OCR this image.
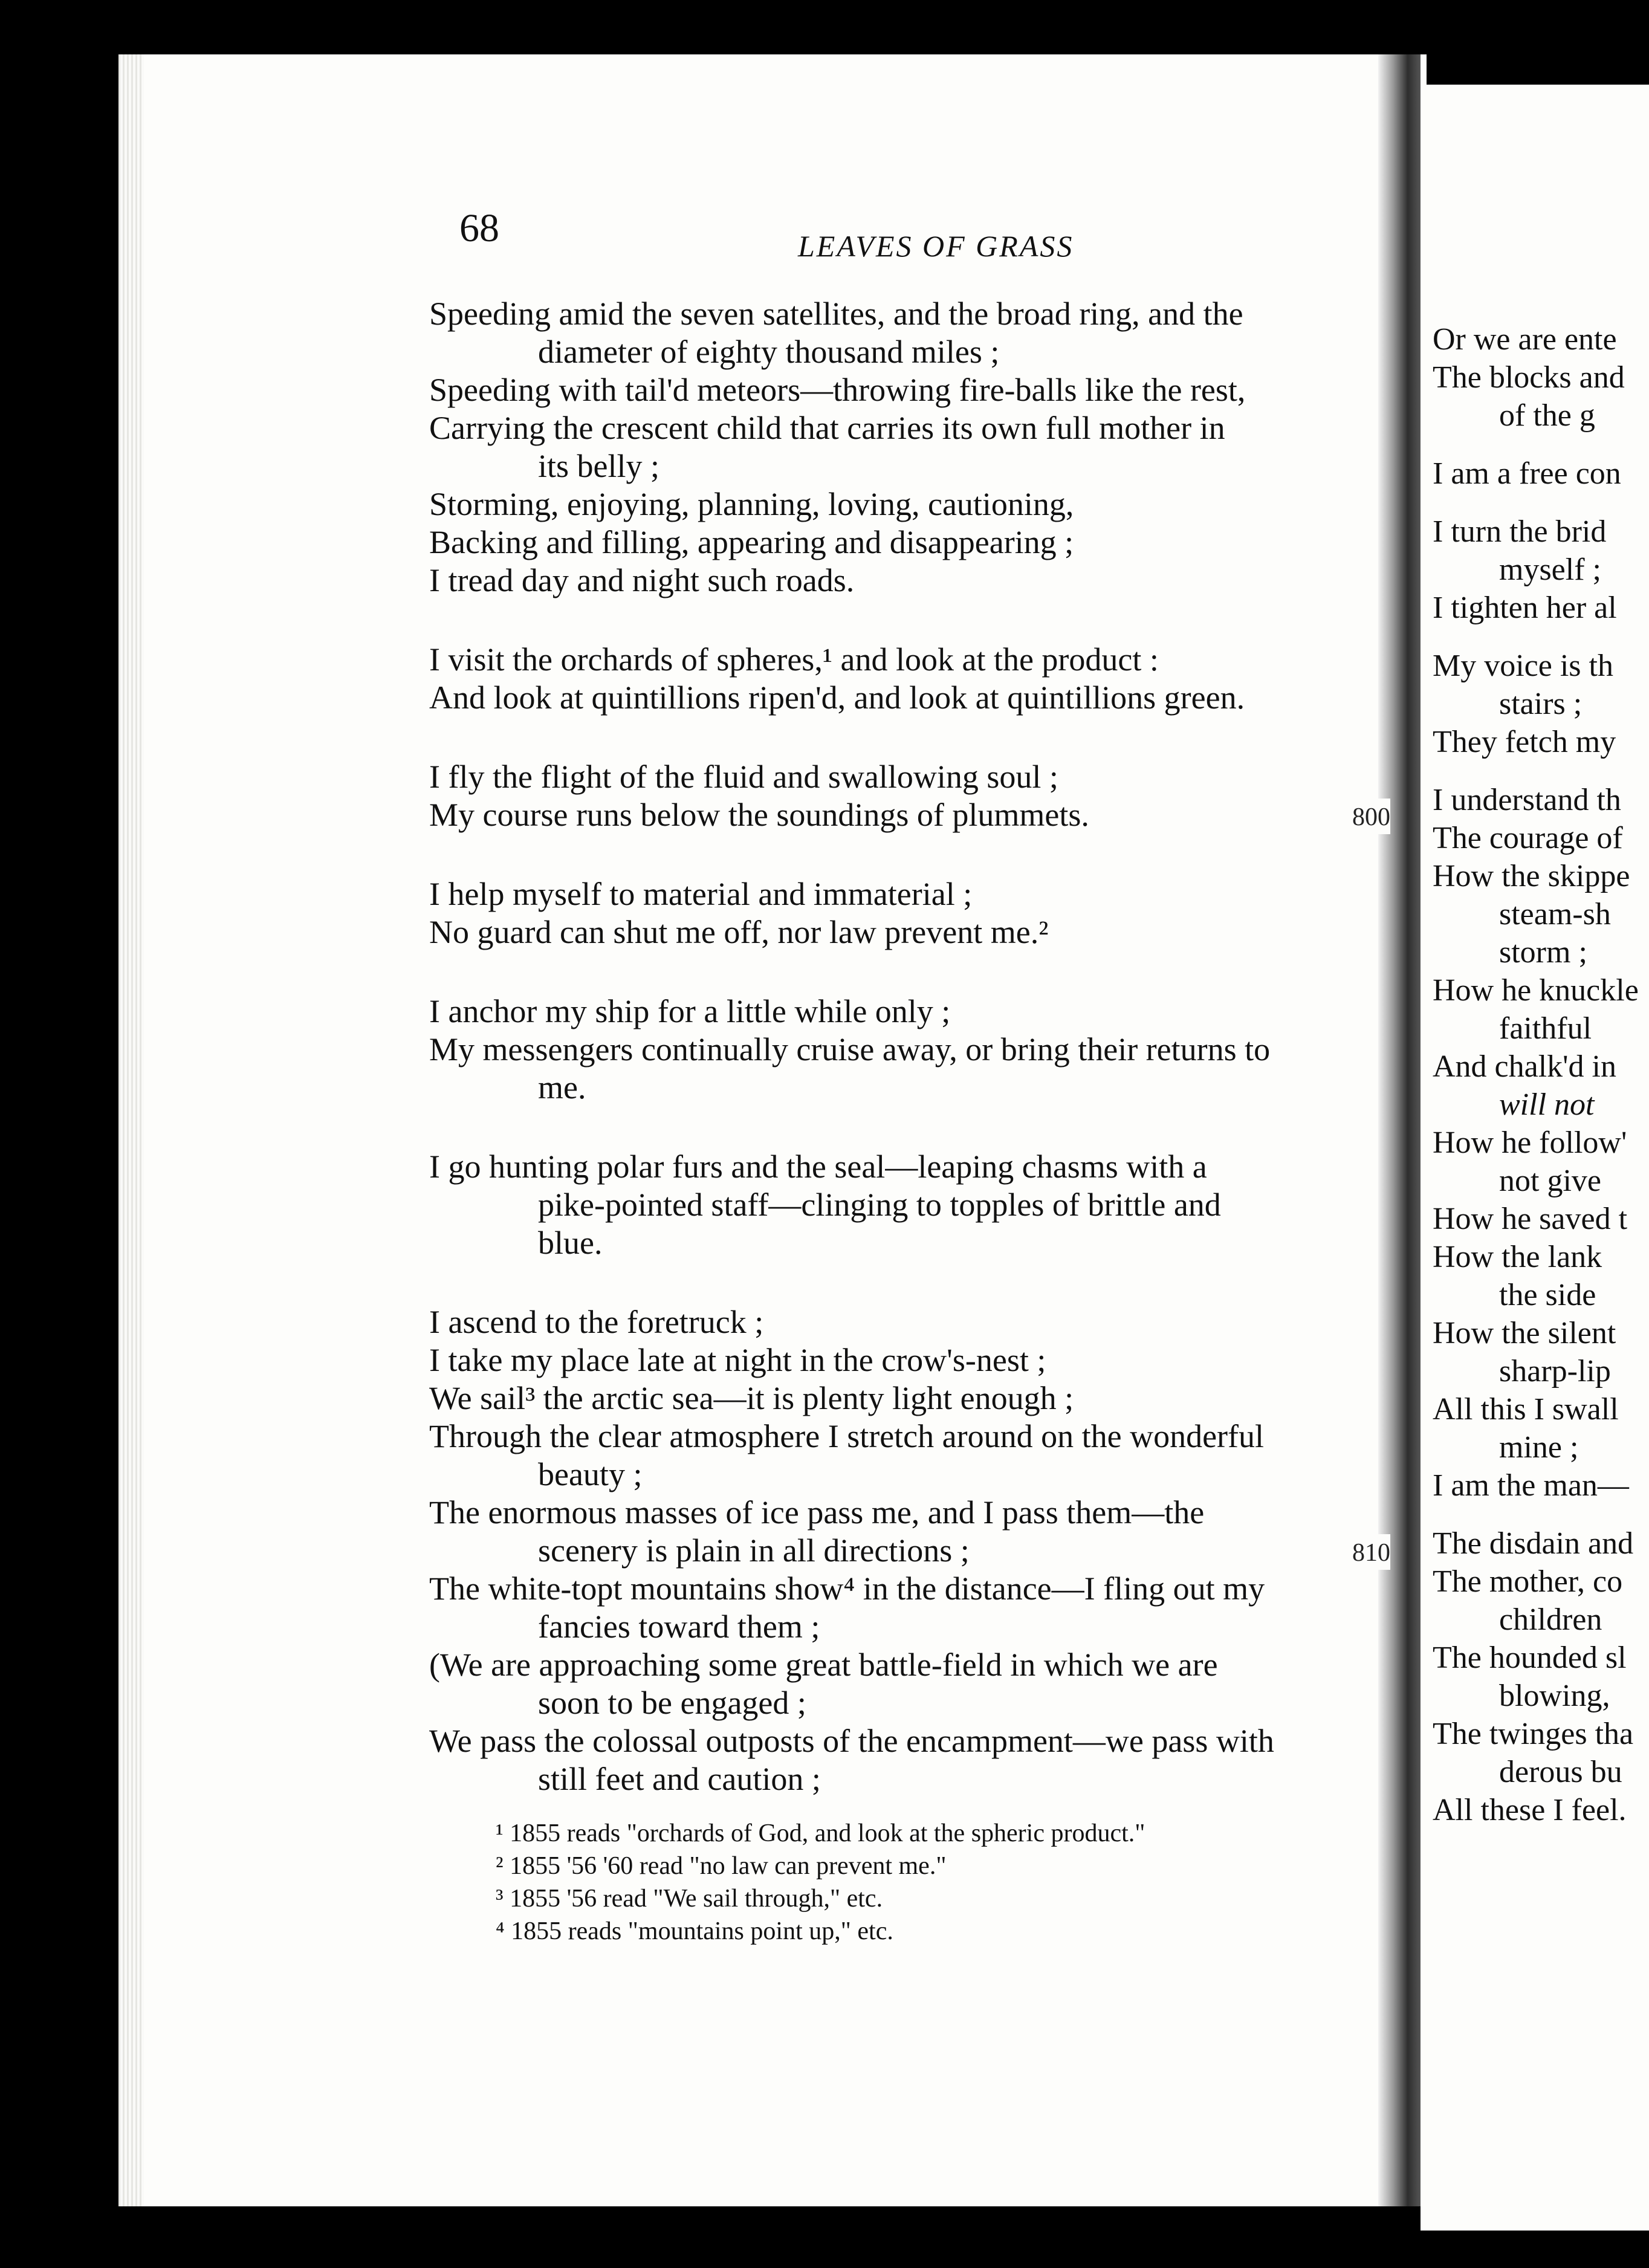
Or we are ente
The blocks and
of the g
I am a free con
I turn the brid
myself ;
I tighten her al
My voice is th
stairs ;
They fetch my
I understand th
The courage of
How the skippe
steam-sh
storm ;
How he knuckle
faithful
And chalk'd in
will not
How he follow'
not give
How he saved t
How the lank
the side
How the silent
sharp-lip
All this I swall
mine ;
I am the man—
The disdain and
The mother, co
children
The hounded sl
blowing,
The twinges tha
derous bu
All these I feel.

68	LEAVES OF GRASS

Speeding amid the seven satellites, and the broad ring, and the
diameter of eighty thousand miles ;
Speeding with tail'd meteors—throwing fire-balls like the rest,
Carrying the crescent child that carries its own full mother in
its belly ;
Storming, enjoying, planning, loving, cautioning,
Backing and filling, appearing and disappearing ;
I tread day and night such roads.
I visit the orchards of spheres,¹ and look at the product :
And look at quintillions ripen'd, and look at quintillions green.
I fly the flight of the fluid and swallowing soul ;
My course runs below the soundings of plummets.	800
I help myself to material and immaterial ;
No guard can shut me off, nor law prevent me.²
I anchor my ship for a little while only ;
My messengers continually cruise away, or bring their returns to
me.
I go hunting polar furs and the seal—leaping chasms with a
pike-pointed staff—clinging to topples of brittle and
blue.
I ascend to the foretruck ;
I take my place late at night in the crow's-nest ;
We sail³ the arctic sea—it is plenty light enough ;
Through the clear atmosphere I stretch around on the wonderful
beauty ;
The enormous masses of ice pass me, and I pass them—the
scenery is plain in all directions ;	810
The white-topt mountains show⁴ in the distance—I fling out my
fancies toward them ;
(We are approaching some great battle-field in which we are
soon to be engaged ;
We pass the colossal outposts of the encampment—we pass with
still feet and caution ;
¹ 1855 reads "orchards of God, and look at the spheric product."
² 1855 '56 '60 read "no law can prevent me."
³ 1855 '56 read "We sail through," etc.
⁴ 1855 reads "mountains point up," etc.
